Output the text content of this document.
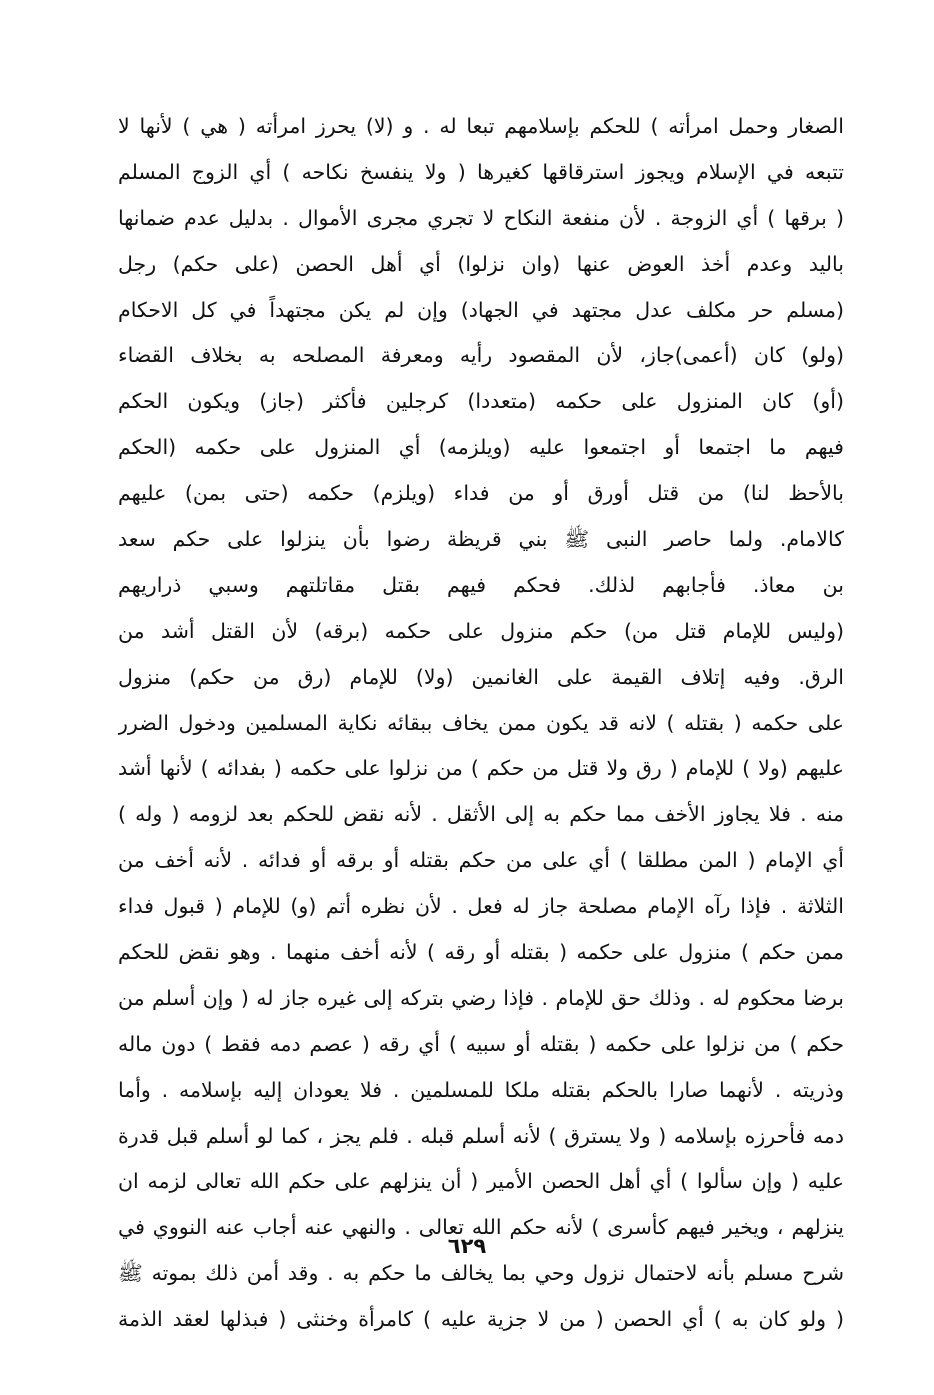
الصغار وحمل امرأته ) للحكم بإسلامهم تبعا له . و (لا) يحرز امرأته ( هي ) لأنها لا
تتبعه في الإسلام ويجوز استرقاقها كغيرها ( ولا ينفسخ نكاحه ) أي الزوج المسلم
( برقها ) أي الزوجة . لأن منفعة النكاح لا تجري مجرى الأموال . بدليل عدم ضمانها
باليد وعدم أخذ العوض عنها (وان نزلوا) أي أهل الحصن (على حكم) رجل
(مسلم حر مكلف عدل مجتهد في الجهاد) وإن لم يكن مجتهداً في كل الاحكام
(ولو) كان (أعمى)جاز، لأن المقصود رأيه ومعرفة المصلحه به بخلاف القضاء
(أو) كان المنزول على حكمه (متعددا) كرجلين فأكثر (جاز) ويكون الحكم
فيهم ما اجتمعا أو اجتمعوا عليه (ويلزمه) أي المنزول على حكمه (الحكم
بالأحظ لنا) من قتل أورق أو من فداء (ويلزم) حكمه (حتى بمن) عليهم
كالامام. ولما حاصر النبى ﷺ بني قريظة رضوا بأن ينزلوا على حكم سعد
بن معاذ. فأجابهم لذلك. فحكم فيهم بقتل مقاتلتهم وسبي ذراريهم
(وليس للإمام قتل من) حكم منزول على حكمه (برقه) لأن القتل أشد من
الرق. وفيه إتلاف القيمة على الغانمين (ولا) للإمام (رق من حكم) منزول
على حكمه ( بقتله ) لانه قد يكون ممن يخاف ببقائه نكاية المسلمين ودخول الضرر
عليهم (ولا ) للإمام ( رق ولا قتل من حكم ) من نزلوا على حكمه ( بفدائه ) لأنها أشد
منه . فلا يجاوز الأخف مما حكم به إلى الأثقل . لأنه نقض للحكم بعد لزومه ( وله )
أي الإمام ( المن مطلقا ) أي على من حكم بقتله أو برقه أو فدائه . لأنه أخف من
الثلاثة . فإذا رآه الإمام مصلحة جاز له فعل . لأن نظره أتم (و) للإمام ( قبول فداء
ممن حكم ) منزول على حكمه ( بقتله أو رقه ) لأنه أخف منهما . وهو نقض للحكم
برضا محكوم له . وذلك حق للإمام . فإذا رضي بتركه إلى غيره جاز له ( وإن أسلم من
حكم ) من نزلوا على حكمه ( بقتله أو سبيه ) أي رقه ( عصم دمه فقط ) دون ماله
وذريته . لأنهما صارا بالحكم بقتله ملكا للمسلمين . فلا يعودان إليه بإسلامه . وأما
دمه فأحرزه بإسلامه ( ولا يسترق ) لأنه أسلم قبله . فلم يجز ، كما لو أسلم قبل قدرة
عليه ( وإن سألوا ) أي أهل الحصن الأمير ( أن ينزلهم على حكم الله تعالى لزمه ان
ينزلهم ، ويخير فيهم كأسرى ) لأنه حكم الله تعالى . والنهي عنه أجاب عنه النووي في
شرح مسلم بأنه لاحتمال نزول وحي بما يخالف ما حكم به . وقد أمن ذلك بموته ﷺ
( ولو كان به ) أي الحصن ( من لا جزية عليه ) كامرأة وخنثى ( فبذلها لعقد الذمة
٦٢٩
